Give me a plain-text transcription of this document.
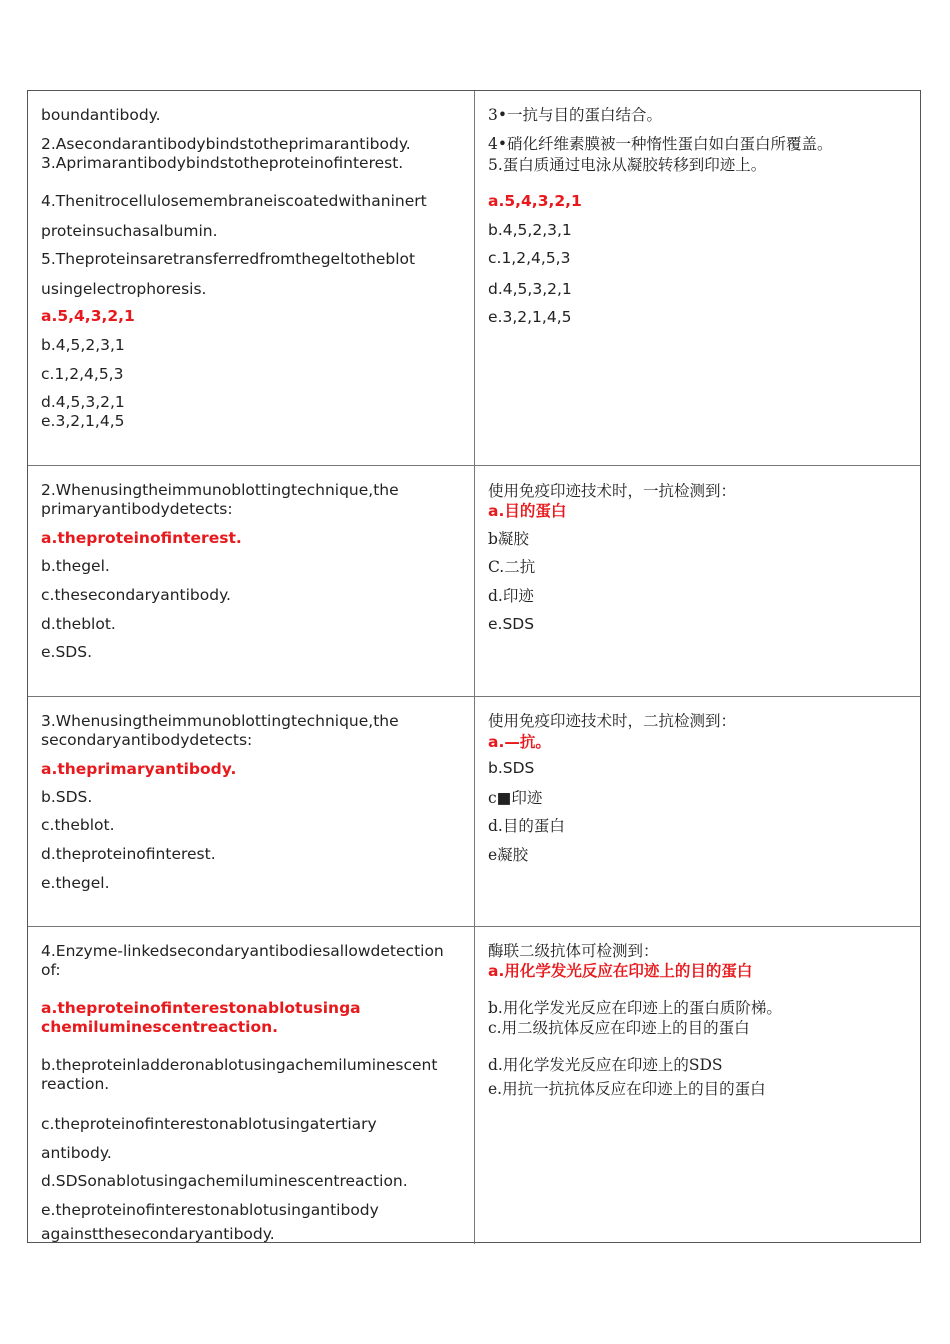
boundantibody.
2.Asecondarantibodybindstotheprimarantibody.
3.Aprimarantibodybindstotheproteinofinterest.
4.Thenitrocellulosemembraneiscoatedwithaninert
proteinsuchasalbumin.
5.Theproteinsaretransferredfromthegeltotheblot
usingelectrophoresis.
a.5,4,3,2,1
b.4,5,2,3,1
c.1,2,4,5,3
d.4,5,3,2,1
e.3,2,1,4,5
3•一抗与目的蛋白结合。
4•硝化纤维素膜被一种惰性蛋白如白蛋白所覆盖。
5.蛋白质通过电泳从凝胶转移到印迹上。
a.5,4,3,2,1
b.4,5,2,3,1
c.1,2,4,5,3
d.4,5,3,2,1
e.3,2,1,4,5
2.Whenusingtheimmunoblottingtechnique,the
primaryantibodydetects:
a.theproteinofinterest.
b.thegel.
c.thesecondaryantibody.
d.theblot.
e.SDS.
使用免疫印迹技术时，一抗检测到：
a.目的蛋白
b凝胶
C.二抗
d.印迹
e.SDS
3.Whenusingtheimmunoblottingtechnique,the
secondaryantibodydetects:
a.theprimaryantibody.
b.SDS.
c.theblot.
d.theproteinofinterest.
e.thegel.
使用免疫印迹技术时，二抗检测到：
a.—抗。
b.SDS
c■印迹
d.目的蛋白
e凝胶
4.Enzyme-linkedsecondaryantibodiesallowdetection
of:
a.theproteinofinterestonablotusinga
chemiluminescentreaction.
b.theproteinladderonablotusingachemiluminescent
reaction.
c.theproteinofinterestonablotusingatertiary
antibody.
d.SDSonablotusingachemiluminescentreaction.
e.theproteinofinterestonablotusingantibody
againstthesecondaryantibody.
酶联二级抗体可检测到：
a.用化学发光反应在印迹上的目的蛋白
b.用化学发光反应在印迹上的蛋白质阶梯。
c.用二级抗体反应在印迹上的目的蛋白
d.用化学发光反应在印迹上的SDS
e.用抗一抗抗体反应在印迹上的目的蛋白
